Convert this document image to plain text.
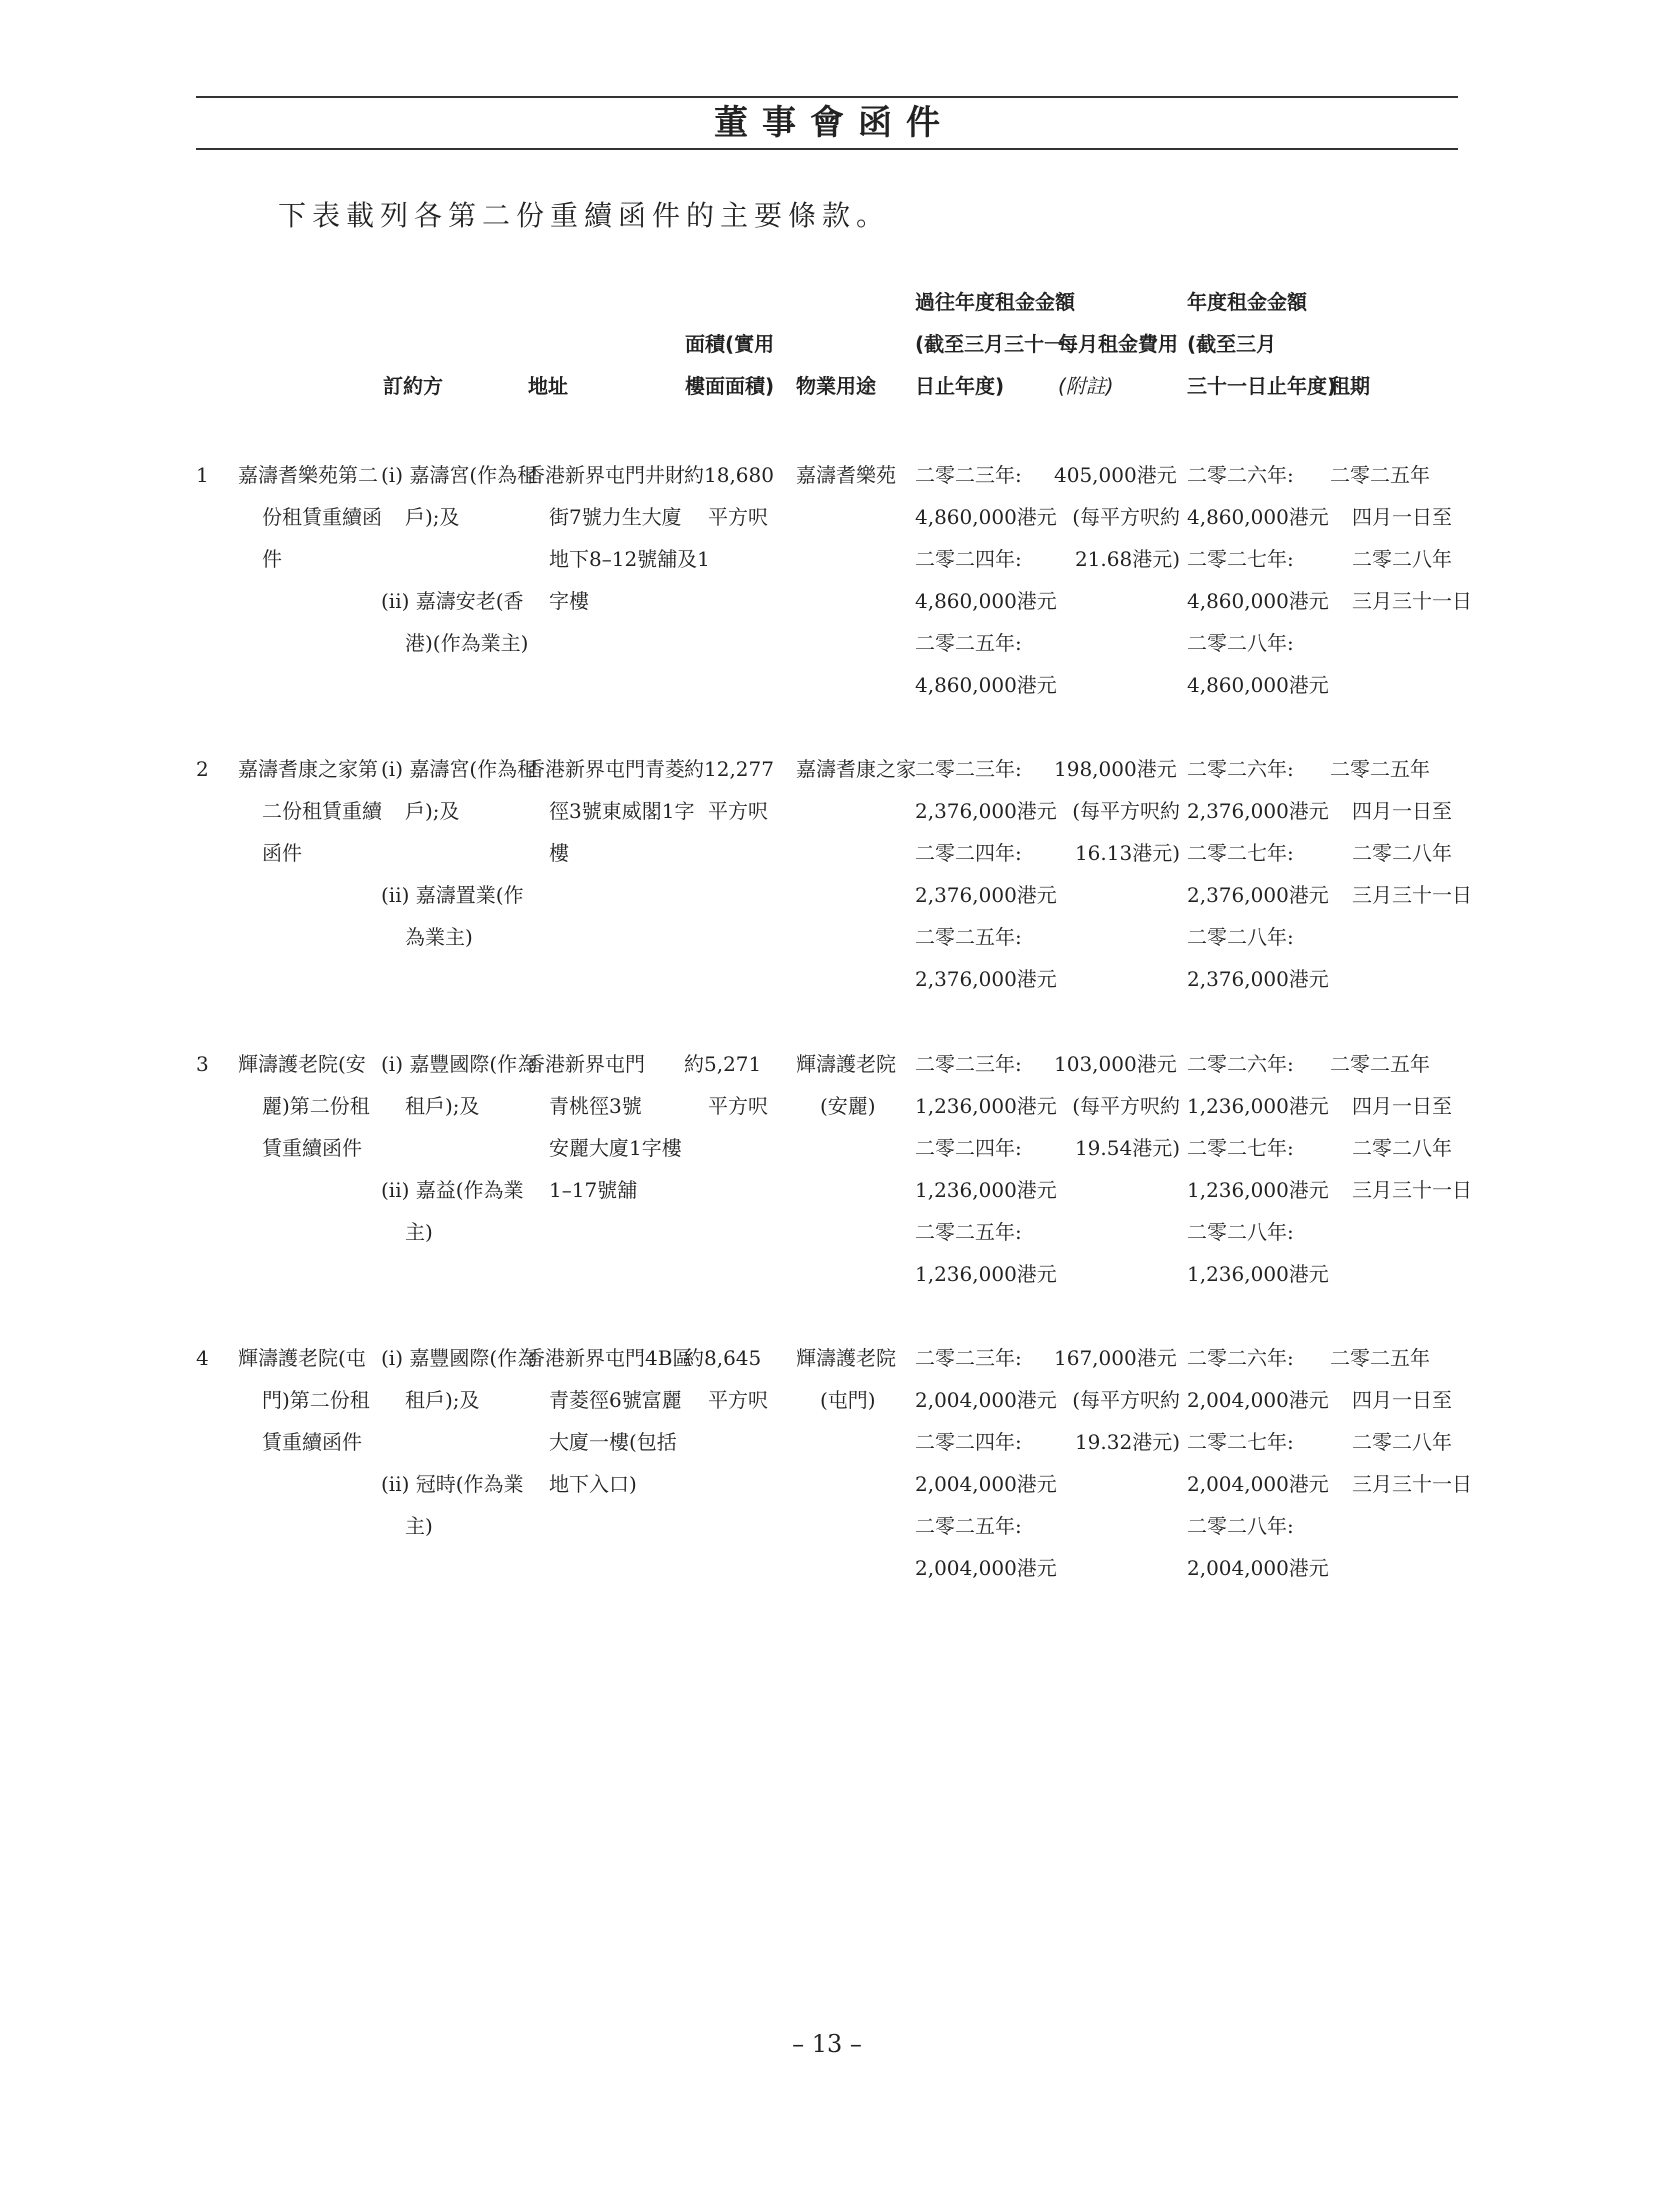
董事會函件
下表載列各第二份重續函件的主要條款。
訂約方	地址
面積(實用
樓面面積) 物業用途
過往年度租金金額
(截至三月三十一
日止年度)
每月租金費用
(附註)
年度租金金額
(截至三月
三十一日止年度)
租期
1 嘉濤耆樂苑第二
份租賃重續函
件
(i) 嘉濤宮(作為租
戶);及

(ii) 嘉濤安老(香
港)(作為業主)
香港新界屯門井財
街7號力生大廈
地下8–12號舖及1
字樓
約18,680
平方呎
嘉濤耆樂苑 二零二三年:
4,860,000港元
二零二四年:
4,860,000港元
二零二五年:
4,860,000港元
405,000港元
(每平方呎約
21.68港元)
二零二六年:
4,860,000港元
二零二七年:
4,860,000港元
二零二八年:
4,860,000港元
二零二五年
四月一日至
二零二八年
三月三十一日
2 嘉濤耆康之家第
二份租賃重續
函件
(i) 嘉濤宮(作為租
戶);及

(ii) 嘉濤置業(作
為業主)
香港新界屯門青菱
徑3號東威閣1字
樓
約12,277
平方呎
嘉濤耆康之家 二零二三年:
2,376,000港元
二零二四年:
2,376,000港元
二零二五年:
2,376,000港元
198,000港元
(每平方呎約
16.13港元)
二零二六年:
2,376,000港元
二零二七年:
2,376,000港元
二零二八年:
2,376,000港元
二零二五年
四月一日至
二零二八年
三月三十一日
3 輝濤護老院(安
麗)第二份租
賃重續函件
(i) 嘉豐國際(作為
租戶);及

(ii) 嘉益(作為業
主)
香港新界屯門
青桃徑3號
安麗大廈1字樓
1–17號舖
約5,271
平方呎
輝濤護老院
(安麗)
二零二三年:
1,236,000港元
二零二四年:
1,236,000港元
二零二五年:
1,236,000港元
103,000港元
(每平方呎約
19.54港元)
二零二六年:
1,236,000港元
二零二七年:
1,236,000港元
二零二八年:
1,236,000港元
二零二五年
四月一日至
二零二八年
三月三十一日
4 輝濤護老院(屯
門)第二份租
賃重續函件
(i) 嘉豐國際(作為
租戶);及

(ii) 冠時(作為業
主)
香港新界屯門4B區
青菱徑6號富麗
大廈一樓(包括
地下入口)
約8,645
平方呎
輝濤護老院
(屯門)
二零二三年:
2,004,000港元
二零二四年:
2,004,000港元
二零二五年:
2,004,000港元
167,000港元
(每平方呎約
19.32港元)
二零二六年:
2,004,000港元
二零二七年:
2,004,000港元
二零二八年:
2,004,000港元
二零二五年
四月一日至
二零二八年
三月三十一日
– 13 –
